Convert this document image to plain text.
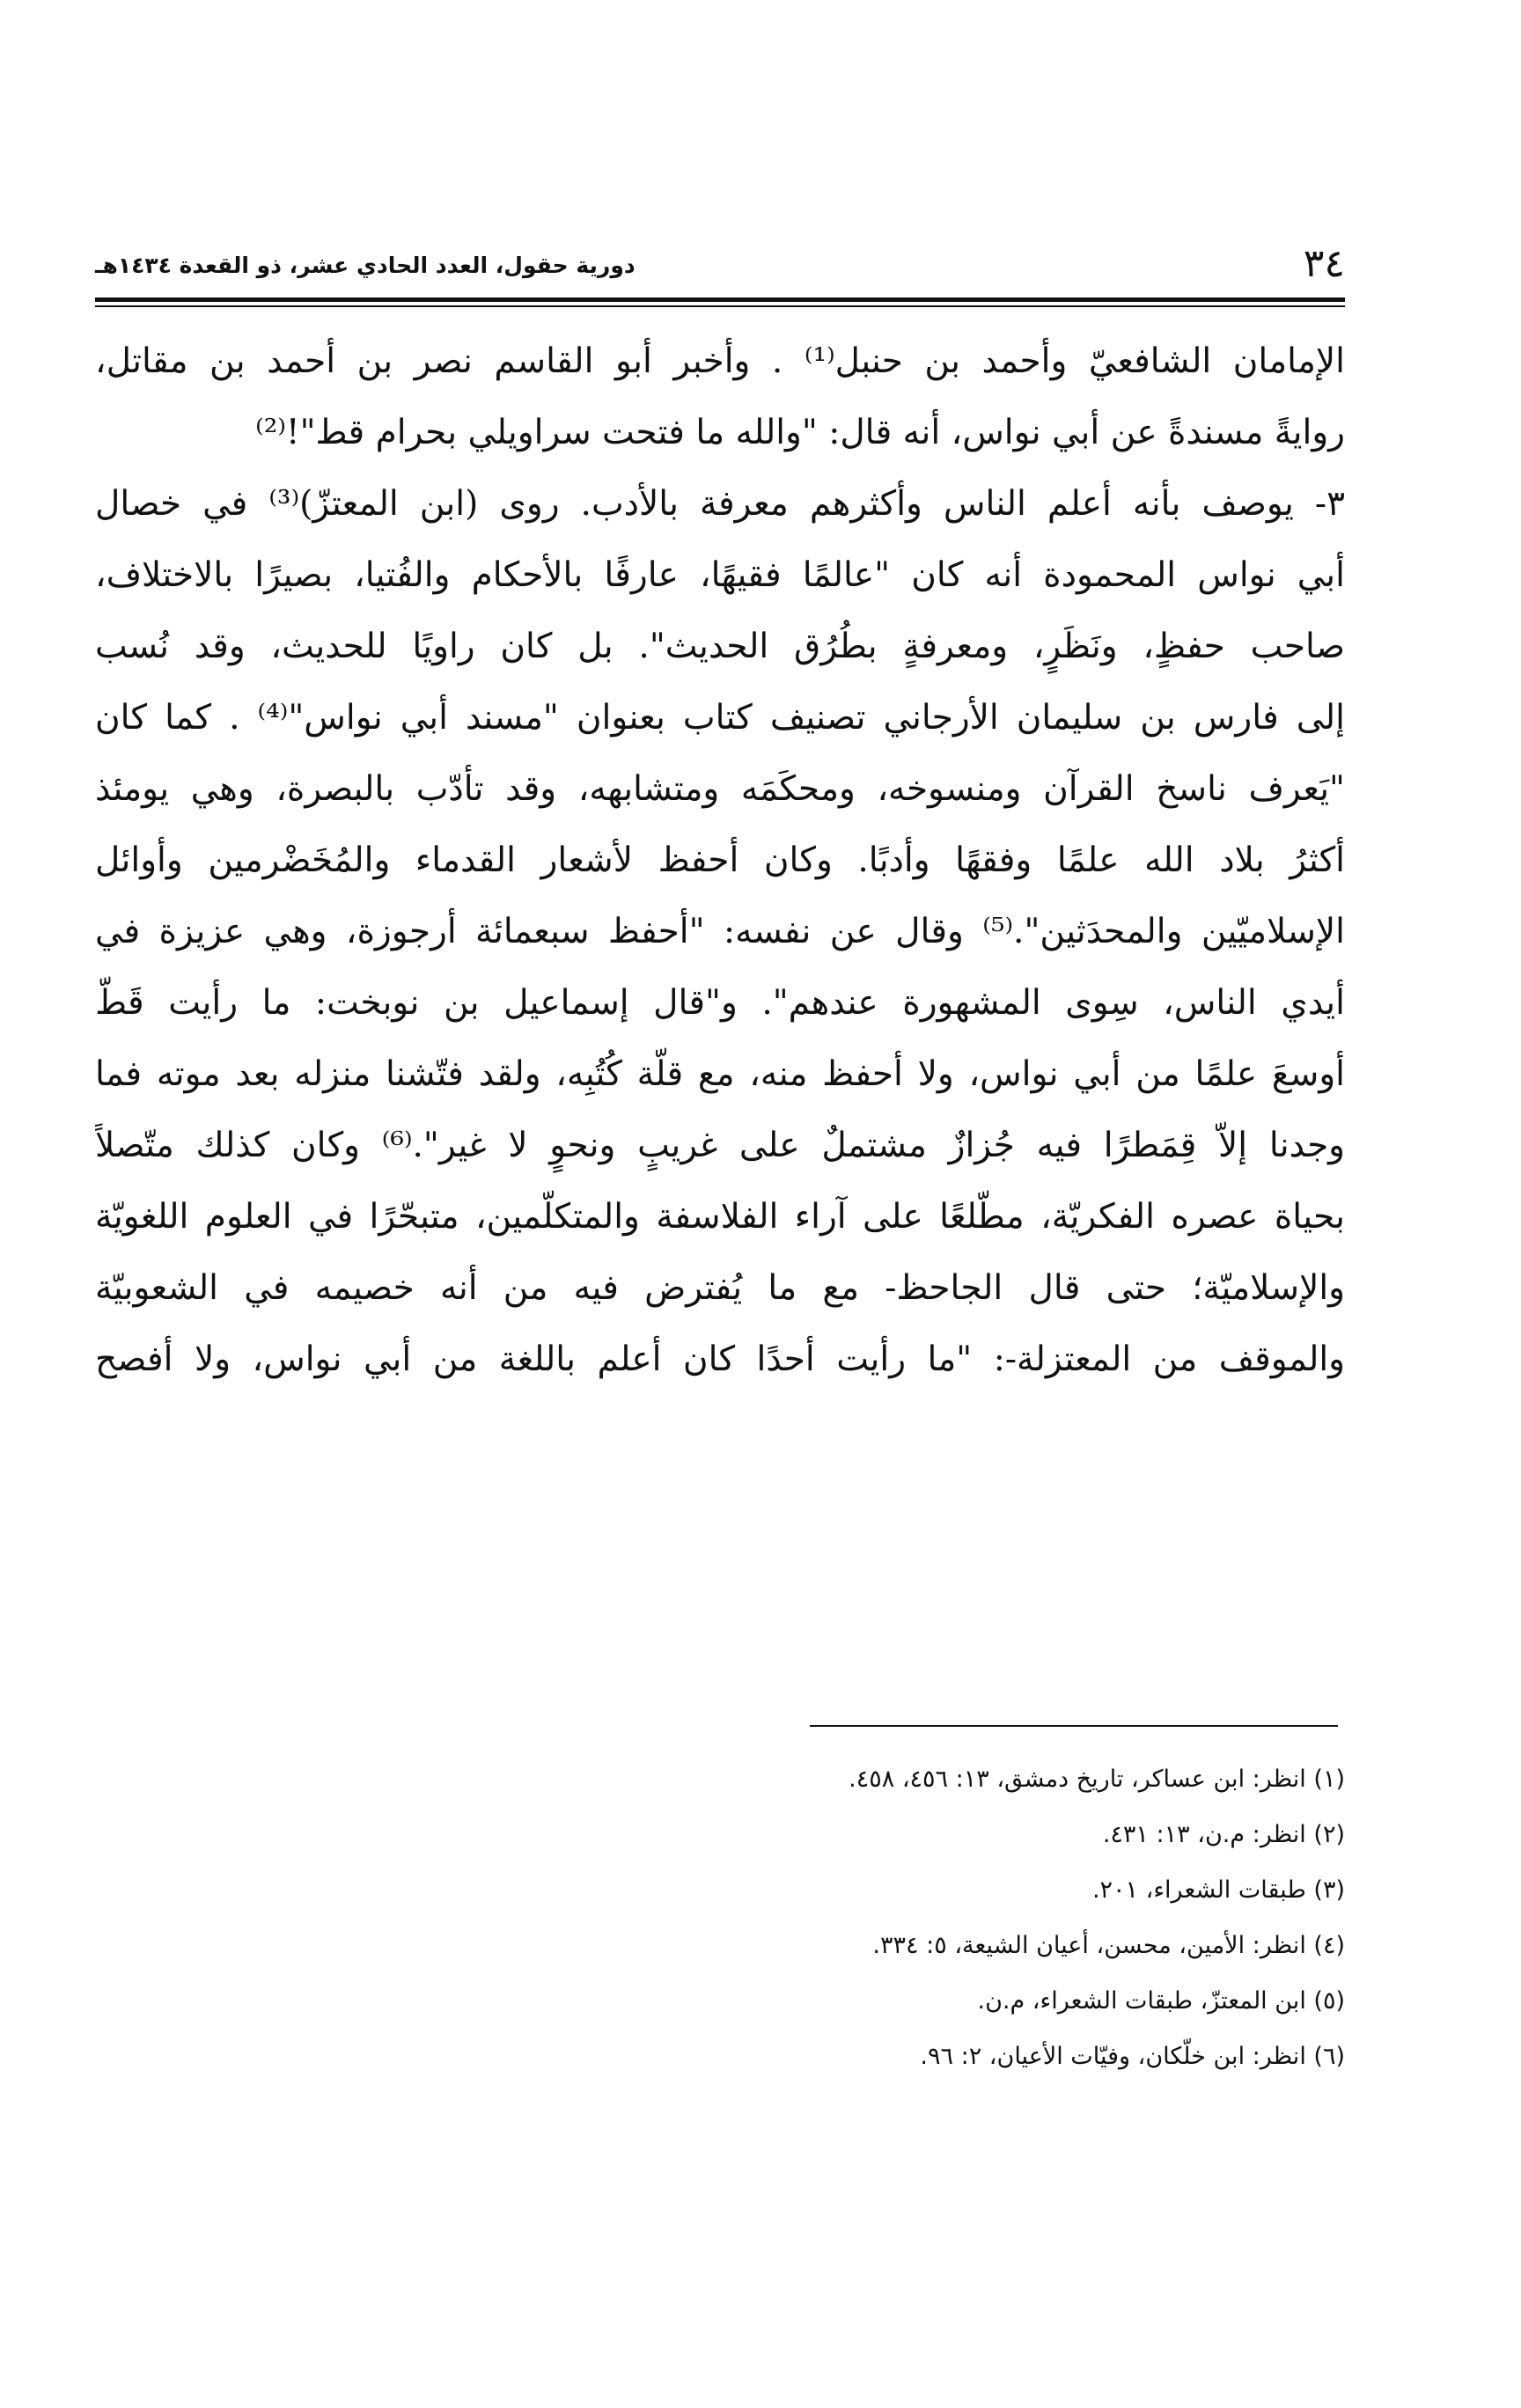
٣٤
دورية حقول، العدد الحادي عشر، ذو القعدة ١٤٣٤هـ
الإمامان الشافعيّ وأحمد بن حنبل⁽¹⁾ . وأخبر أبو القاسم نصر بن أحمد بن مقاتل،
روايةً مسندةً عن أبي نواس، أنه قال: "والله ما فتحت سراويلي بحرام قط"!⁽²⁾
٣- يوصف بأنه أعلم الناس وأكثرهم معرفة بالأدب. روى (ابن المعتزّ)⁽³⁾ في خصال
أبي نواس المحمودة أنه كان "عالمًا فقيهًا، عارفًا بالأحكام والفُتيا، بصيرًا بالاختلاف،
صاحب حفظٍ، ونَظَرٍ، ومعرفةٍ بطُرُق الحديث". بل كان راويًا للحديث، وقد نُسب
إلى فارس بن سليمان الأرجاني تصنيف كتاب بعنوان "مسند أبي نواس"⁽⁴⁾ . كما كان
"يَعرف ناسخ القرآن ومنسوخه، ومحكَمَه ومتشابهه، وقد تأدّب بالبصرة، وهي يومئذ
أكثرُ بلاد الله علمًا وفقهًا وأدبًا. وكان أحفظ لأشعار القدماء والمُخَضْرمين وأوائل
الإسلاميّين والمحدَثين".⁽⁵⁾ وقال عن نفسه: "أحفظ سبعمائة أرجوزة، وهي عزيزة في
أيدي الناس، سِوى المشهورة عندهم". و"قال إسماعيل بن نوبخت: ما رأيت قَطّ
أوسعَ علمًا من أبي نواس، ولا أحفظ منه، مع قلّة كُتُبِه، ولقد فتّشنا منزله بعد موته فما
وجدنا إلاّ قِمَطرًا فيه جُزازٌ مشتملٌ على غريبٍ ونحوٍ لا غير".⁽⁶⁾ وكان كذلك متّصلاً
بحياة عصره الفكريّة، مطّلعًا على آراء الفلاسفة والمتكلّمين، متبحّرًا في العلوم اللغويّة
والإسلاميّة؛ حتى قال الجاحظ- مع ما يُفترض فيه من أنه خصيمه في الشعوبيّة
والموقف من المعتزلة-: "ما رأيت أحدًا كان أعلم باللغة من أبي نواس، ولا أفصح
(١) انظر: ابن عساكر، تاريخ دمشق، ١٣: ٤٥٦، ٤٥٨.
(٢) انظر: م.ن، ١٣: ٤٣١.
(٣) طبقات الشعراء، ٢٠١.
(٤) انظر: الأمين، محسن، أعيان الشيعة، ٥: ٣٣٤.
(٥) ابن المعتزّ، طبقات الشعراء، م.ن.
(٦) انظر: ابن خلّكان، وفيّات الأعيان، ٢: ٩٦.
